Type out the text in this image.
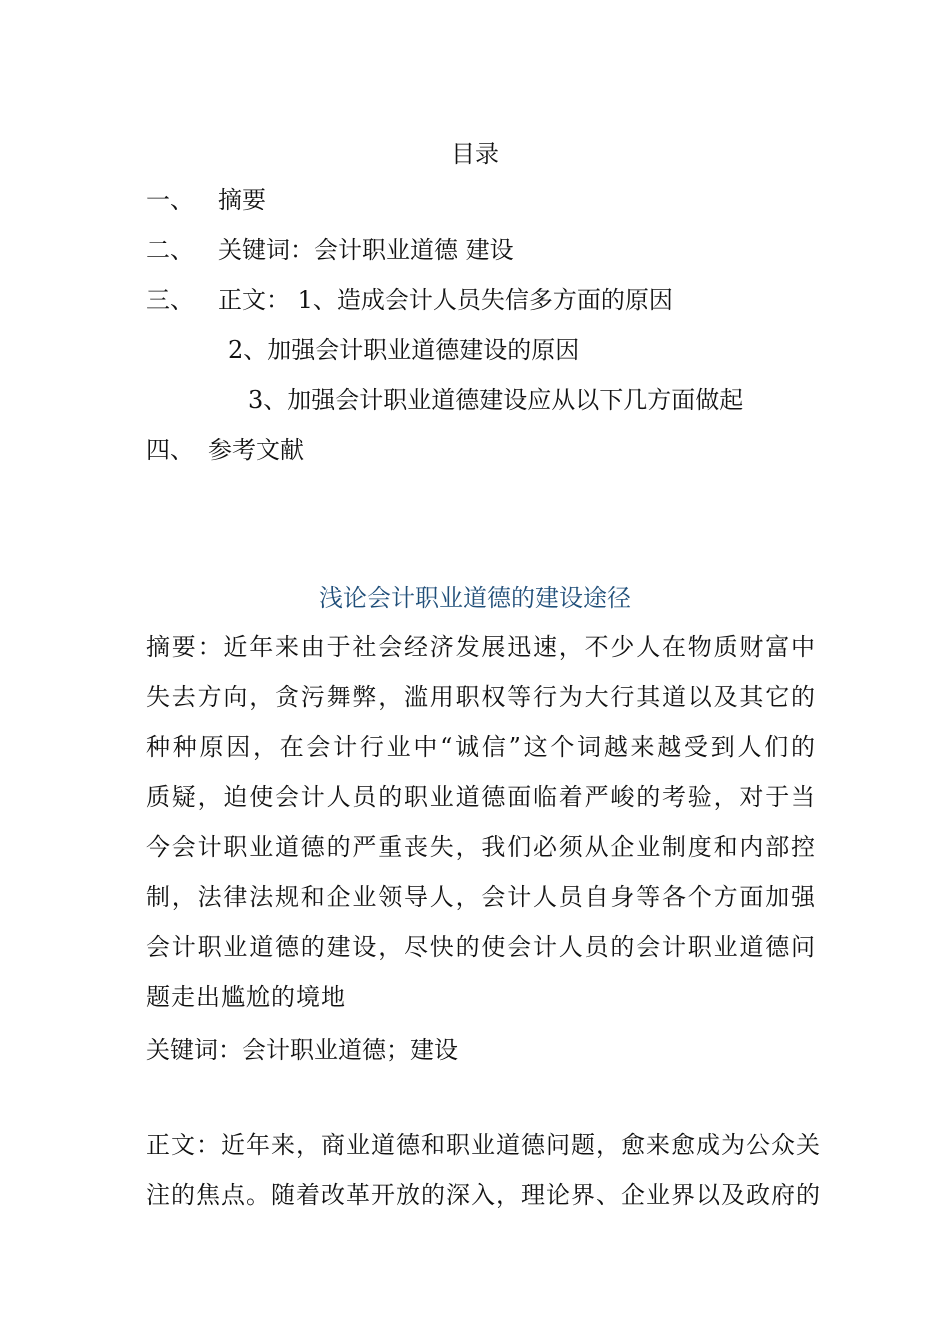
目录
一、 摘要
二、 关键词：会计职业道德 建设
三、 正文： 1、造成会计人员失信多方面的原因
2、加强会计职业道德建设的原因
3、加强会计职业道德建设应从以下几方面做起
四、 参考文献
浅论会计职业道德的建设途径
摘要：近年来由于社会经济发展迅速，不少人在物质财富中
失去方向，贪污舞弊，滥用职权等行为大行其道以及其它的
种种原因，在会计行业中“诚信”这个词越来越受到人们的
质疑，迫使会计人员的职业道德面临着严峻的考验，对于当
今会计职业道德的严重丧失，我们必须从企业制度和内部控
制，法律法规和企业领导人，会计人员自身等各个方面加强
会计职业道德的建设，尽快的使会计人员的会计职业道德问
题走出尴尬的境地
关键词：会计职业道德；建设
正文：近年来，商业道德和职业道德问题，愈来愈成为公众关
注的焦点。随着改革开放的深入，理论界、企业界以及政府的
